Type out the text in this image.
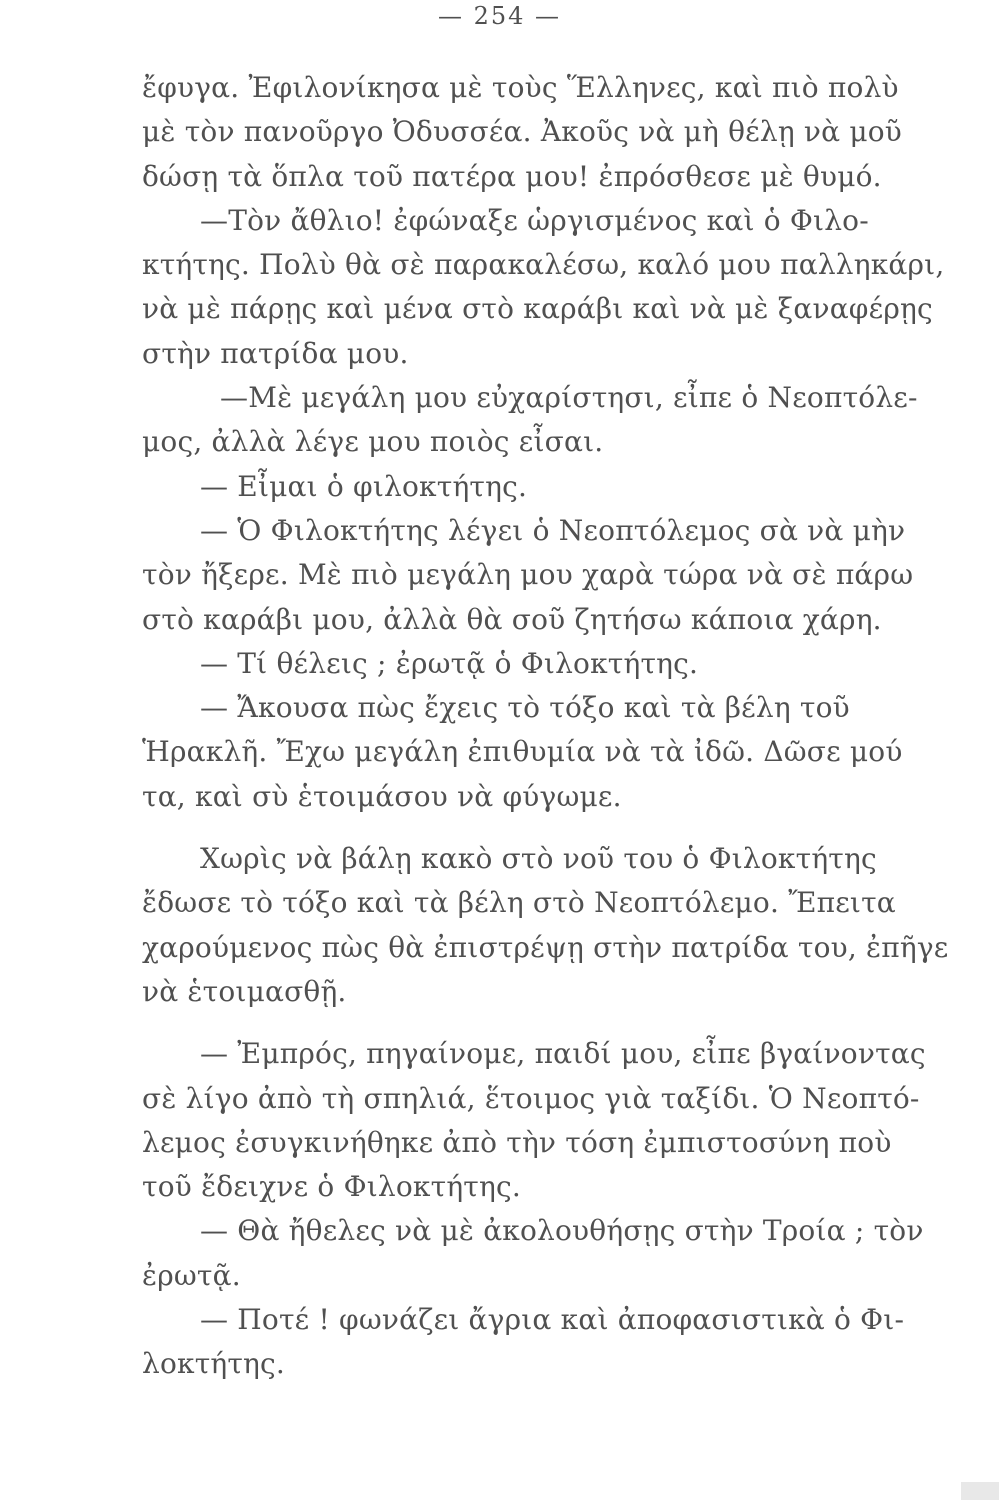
— 254 —
ἔφυγα. Ἐφιλονίκησα μὲ τοὺς Ἕλληνες, καὶ πιὸ πολὺ
μὲ τὸν πανοῦργο Ὀδυσσέα. Ἀκοῦς νὰ μὴ θέλῃ νὰ μοῦ
δώσῃ τὰ ὅπλα τοῦ πατέρα μου! ἐπρόσθεσε μὲ θυμό.
—Τὸν ἄθλιο! ἐφώναξε ὡργισμένος καὶ ὁ Φιλο-
κτήτης. Πολὺ θὰ σὲ παρακαλέσω, καλό μου παλληκάρι,
νὰ μὲ πάρῃς καὶ μένα στὸ καράβι καὶ νὰ μὲ ξαναφέρῃς
στὴν πατρίδα μου.
—Μὲ μεγάλη μου εὐχαρίστησι, εἶπε ὁ Νεοπτόλε-
μος, ἀλλὰ λέγε μου ποιὸς εἶσαι.
— Εἶμαι ὁ φιλοκτήτης.
— Ὁ Φιλοκτήτης λέγει ὁ Νεοπτόλεμος σὰ νὰ μὴν
τὸν ἤξερε. Μὲ πιὸ μεγάλη μου χαρὰ τώρα νὰ σὲ πάρω
στὸ καράβι μου, ἀλλὰ θὰ σοῦ ζητήσω κάποια χάρη.
— Τί θέλεις ; ἐρωτᾷ ὁ Φιλοκτήτης.
— Ἄκουσα πὼς ἔχεις τὸ τόξο καὶ τὰ βέλη τοῦ
Ἡρακλῆ. Ἔχω μεγάλη ἐπιθυμία νὰ τὰ ἰδῶ. Δῶσε μού
τα, καὶ σὺ ἑτοιμάσου νὰ φύγωμε.
Χωρὶς νὰ βάλῃ κακὸ στὸ νοῦ του ὁ Φιλοκτήτης
ἔδωσε τὸ τόξο καὶ τὰ βέλη στὸ Νεοπτόλεμο. Ἔπειτα
χαρούμενος πὼς θὰ ἐπιστρέψῃ στὴν πατρίδα του, ἐπῆγε
νὰ ἑτοιμασθῇ.
— Ἐμπρός, πηγαίνομε, παιδί μου, εἶπε βγαίνοντας
σὲ λίγο ἀπὸ τὴ σπηλιά, ἕτοιμος γιὰ ταξίδι. Ὁ Νεοπτό-
λεμος ἐσυγκινήθηκε ἀπὸ τὴν τόση ἐμπιστοσύνη ποὺ
τοῦ ἔδειχνε ὁ Φιλοκτήτης.
— Θὰ ἤθελες νὰ μὲ ἀκολουθήσῃς στὴν Τροία ; τὸν
ἐρωτᾷ.
— Ποτέ ! φωνάζει ἄγρια καὶ ἀποφασιστικὰ ὁ Φι-
λοκτήτης.
